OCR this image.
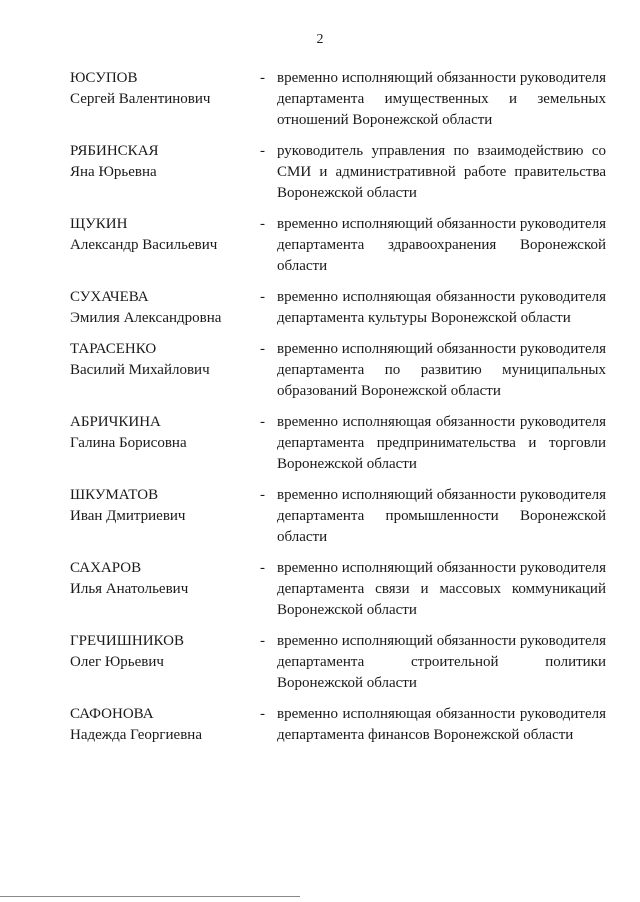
2
ЮСУПОВ
Сергей Валентинович
- временно исполняющий обязанности руководителя департамента имущественных и земельных отношений Воронежской области
РЯБИНСКАЯ
Яна Юрьевна
- руководитель управления по взаимодействию со СМИ и административной работе правительства Воронежской области
ЩУКИН
Александр Васильевич
- временно исполняющий обязанности руководителя департамента здравоохранения Воронежской области
СУХАЧЕВА
Эмилия Александровна
- временно исполняющая обязанности руководителя департамента культуры Воронежской области
ТАРАСЕНКО
Василий Михайлович
- временно исполняющий обязанности руководителя департамента по развитию муниципальных образований Воронежской области
АБРИЧКИНА
Галина Борисовна
- временно исполняющая обязанности руководителя департамента предпринимательства и торговли Воронежской области
ШКУМАТОВ
Иван Дмитриевич
- временно исполняющий обязанности руководителя департамента промышленности Воронежской области
САХАРОВ
Илья Анатольевич
- временно исполняющий обязанности руководителя департамента связи и массовых коммуникаций Воронежской области
ГРЕЧИШНИКОВ
Олег Юрьевич
- временно исполняющий обязанности руководителя департамента строительной политики Воронежской области
САФОНОВА
Надежда Георгиевна
- временно исполняющая обязанности руководителя департамента финансов Воронежской области
